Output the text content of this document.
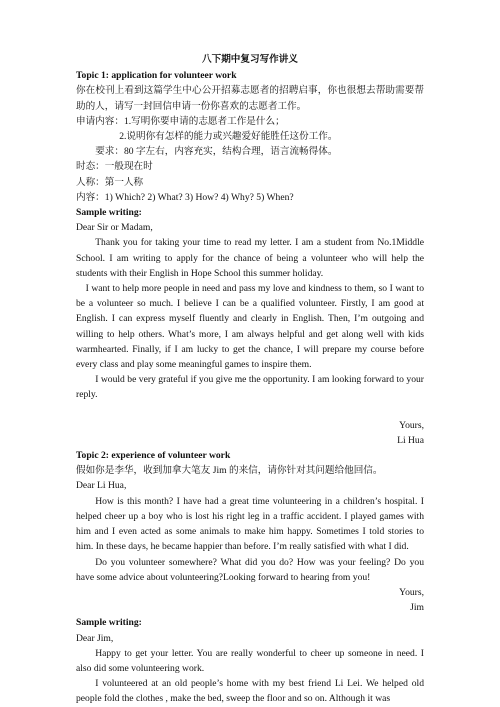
八下期中复习写作讲义

Topic 1: application for volunteer work

你在校刊上看到这篇学生中心公开招募志愿者的招聘启事，你也很想去帮助需要帮助的人，请写一封回信申请一份你喜欢的志愿者工作。

申请内容：1.写明你要申请的志愿者工作是什么；

2.说明你有怎样的能力或兴趣爱好能胜任这份工作。

要求：80 字左右，内容充实，结构合理，语言流畅得体。

时态：一般现在时

人称：第一人称

内容：1) Which? 2) What? 3) How? 4) Why? 5) When?

Sample writing:

Dear Sir or Madam,

Thank you for taking your time to read my letter. I am a student from No.1Middle School. I am writing to apply for the chance of being a volunteer who will help the students with their English in Hope School this summer holiday.

I want to help more people in need and pass my love and kindness to them, so I want to be a volunteer so much. I believe I can be a qualified volunteer. Firstly, I am good at English. I can express myself fluently and clearly in English. Then, I’m outgoing and willing to help others. What’s more, I am always helpful and get along well with kids warmhearted. Finally, if I am lucky to get the chance, I will prepare my course before every class and play some meaningful games to inspire them.

I would be very grateful if you give me the opportunity. I am looking forward to your reply.

Yours,

Li Hua

Topic 2: experience of volunteer work

假如你是李华，收到加拿大笔友 Jim 的来信，请你针对其问题给他回信。

Dear Li Hua,

How is this month? I have had a great time volunteering in a children’s hospital. I helped cheer up a boy who is lost his right leg in a traffic accident. I played games with him and I even acted as some animals to make him happy. Sometimes I told stories to him. In these days, he became happier than before. I’m really satisfied with what I did.

Do you volunteer somewhere? What did you do? How was your feeling? Do you have some advice about volunteering?Looking forward to hearing from you!

Yours,

Jim

Sample writing:

Dear Jim,

Happy to get your letter. You are really wonderful to cheer up someone in need. I also did some volunteering work.

I volunteered at an old people’s home with my best friend Li Lei. We helped old people fold the clothes , make the bed, sweep the floor and so on. Although it was
